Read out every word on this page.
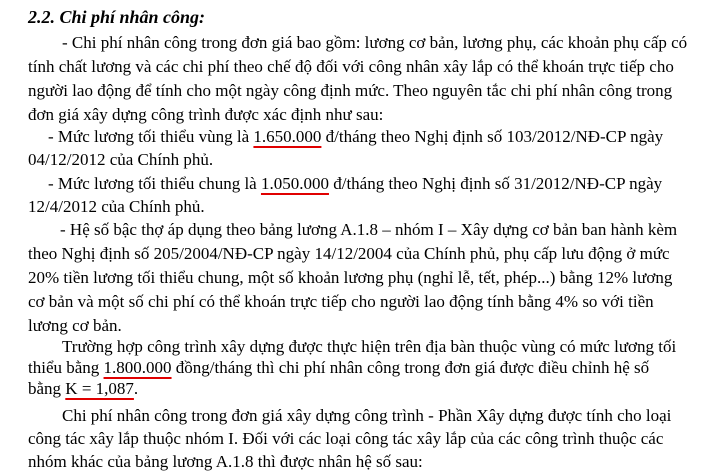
2.2. Chi phí nhân công:
- Chi phí nhân công trong đơn giá bao gồm: lương cơ bản, lương phụ, các khoản phụ cấp có
tính chất lương và các chi phí theo chế độ đối với công nhân xây lắp có thể khoán trực tiếp cho
người lao động để tính cho một ngày công định mức. Theo nguyên tắc chi phí nhân công trong
đơn giá xây dựng công trình được xác định như sau:
- Mức lương tối thiểu vùng là 1.650.000 đ/tháng theo Nghị định số 103/2012/NĐ-CP ngày
04/12/2012 của Chính phủ.
- Mức lương tối thiểu chung là 1.050.000 đ/tháng theo Nghị định số 31/2012/NĐ-CP ngày
12/4/2012 của Chính phủ.
- Hệ số bậc thợ áp dụng theo bảng lương A.1.8 – nhóm I – Xây dựng cơ bản ban hành kèm
theo Nghị định số 205/2004/NĐ-CP ngày 14/12/2004 của Chính phủ, phụ cấp lưu động ở mức
20% tiền lương tối thiểu chung, một số khoản lương phụ (nghỉ lễ, tết, phép...) bằng 12% lương
cơ bản và một số chi phí có thể khoán trực tiếp cho người lao động tính bằng 4% so với tiền
lương cơ bản.
Trường hợp công trình xây dựng được thực hiện trên địa bàn thuộc vùng có mức lương tối
thiểu bằng 1.800.000 đồng/tháng thì chi phí nhân công trong đơn giá được điều chỉnh hệ số
bằng K = 1,087.
Chi phí nhân công trong đơn giá xây dựng công trình - Phần Xây dựng được tính cho loại
công tác xây lắp thuộc nhóm I. Đối với các loại công tác xây lắp của các công trình thuộc các
nhóm khác của bảng lương A.1.8 thì được nhân hệ số sau:
